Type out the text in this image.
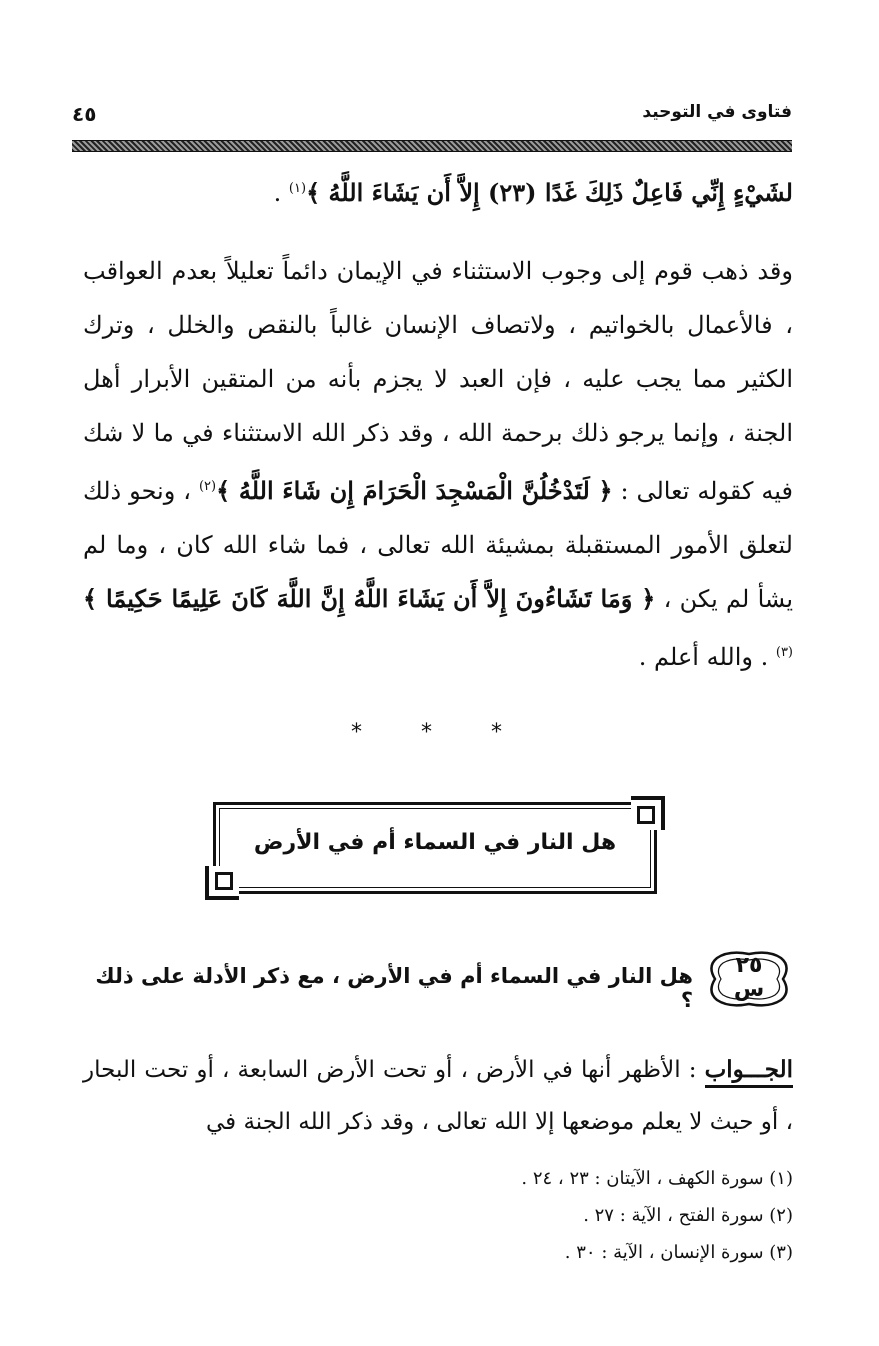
فتاوى في التوحيد
٤٥
لشَيْءٍ إِنِّي فَاعِلٌ ذَلِكَ غَدًا (٢٣) إِلاَّ أَن يَشَاءَ اللَّهُ ﴾$^{(١)}$ .
وقد ذهب قوم إلى وجوب الاستثناء في الإيمان دائماً تعليلاً بعدم العواقب ، فالأعمال بالخواتيم ، ولاتصاف الإنسان غالباً بالنقص والخلل ، وترك الكثير مما يجب عليه ، فإن العبد لا يجزم بأنه من المتقين الأبرار أهل الجنة ، وإنما يرجو ذلك برحمة الله ، وقد ذكر الله الاستثناء في ما لا شك فيه كقوله تعالى : ﴿ لَتَدْخُلُنَّ الْمَسْجِدَ الْحَرَامَ إِن شَاءَ اللَّهُ ﴾$^{(٢)}$ ، ونحو ذلك لتعلق الأمور المستقبلة بمشيئة الله تعالى ، فما شاء الله كان ، وما لم يشأ لم يكن ، ﴿ وَمَا تَشَاءُونَ إِلاَّ أَن يَشَاءَ اللَّهُ إِنَّ اللَّهَ كَانَ عَلِيمًا حَكِيمًا ﴾$^{(٣)}$ . والله أعلم .
* * *
هل النار في السماء أم في الأرض
٢٥
س
هل النار في السماء أم في الأرض ، مع ذكر الأدلة على ذلك ؟
الجـــواب : الأظهر أنها في الأرض ، أو تحت الأرض السابعة ، أو تحت البحار ، أو حيث لا يعلم موضعها إلا الله تعالى ، وقد ذكر الله الجنة في
(١) سورة الكهف ، الآيتان : ٢٣ ، ٢٤ .
(٢) سورة الفتح ، الآية : ٢٧ .
(٣) سورة الإنسان ، الآية : ٣٠ .
